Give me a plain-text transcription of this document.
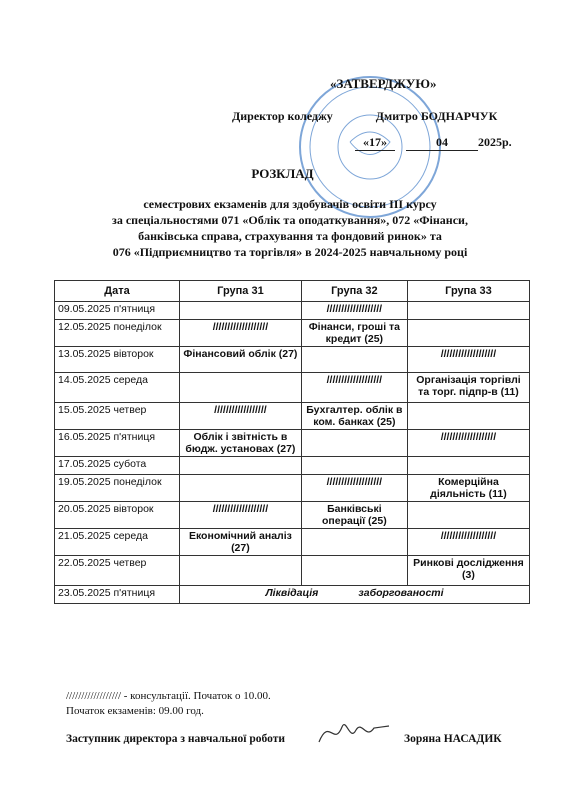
«ЗАТВЕРДЖУЮ»
Директор коледжу	Дмитро БОДНАРЧУК
«17»	04	2025р.
РОЗКЛАД
семестрових екзаменів для здобувачів освіти III курсу
за спеціальностями 071 «Облік та оподаткування», 072 «Фінанси,
банківська справа, страхування та фондовий ринок» та
076 «Підприємництво та торгівля» в 2024-2025 навчальному році
Дата	Група 31	Група 32	Група 33
09.05.2025 п'ятниця		///////////////////	
12.05.2025 понеділок	///////////////////	Фінанси, гроші та кредит (25)	
13.05.2025 вівторок	Фінансовий облік (27)		///////////////////
14.05.2025 середа		///////////////////	Організація торгівлі та торг. підпр-в (11)
15.05.2025 четвер	//////////////////	Бухгалтер. облік в ком. банках (25)	
16.05.2025 п'ятниця	Облік і звітність в бюдж. установах (27)		///////////////////
17.05.2025 субота			
19.05.2025 понеділок		///////////////////	Комерційна діяльність (11)
20.05.2025 вівторок	///////////////////	Банківські операції (25)	
21.05.2025 середа	Економічний аналіз (27)		///////////////////
22.05.2025 четвер			Ринкові дослідження (3)
23.05.2025 п'ятниця	Ліквідація заборгованості		
////////////////// - консультації. Початок о 10.00.
Початок екзаменів: 09.00 год.
Заступник директора з навчальної роботи	Зоряна НАСАДИК
